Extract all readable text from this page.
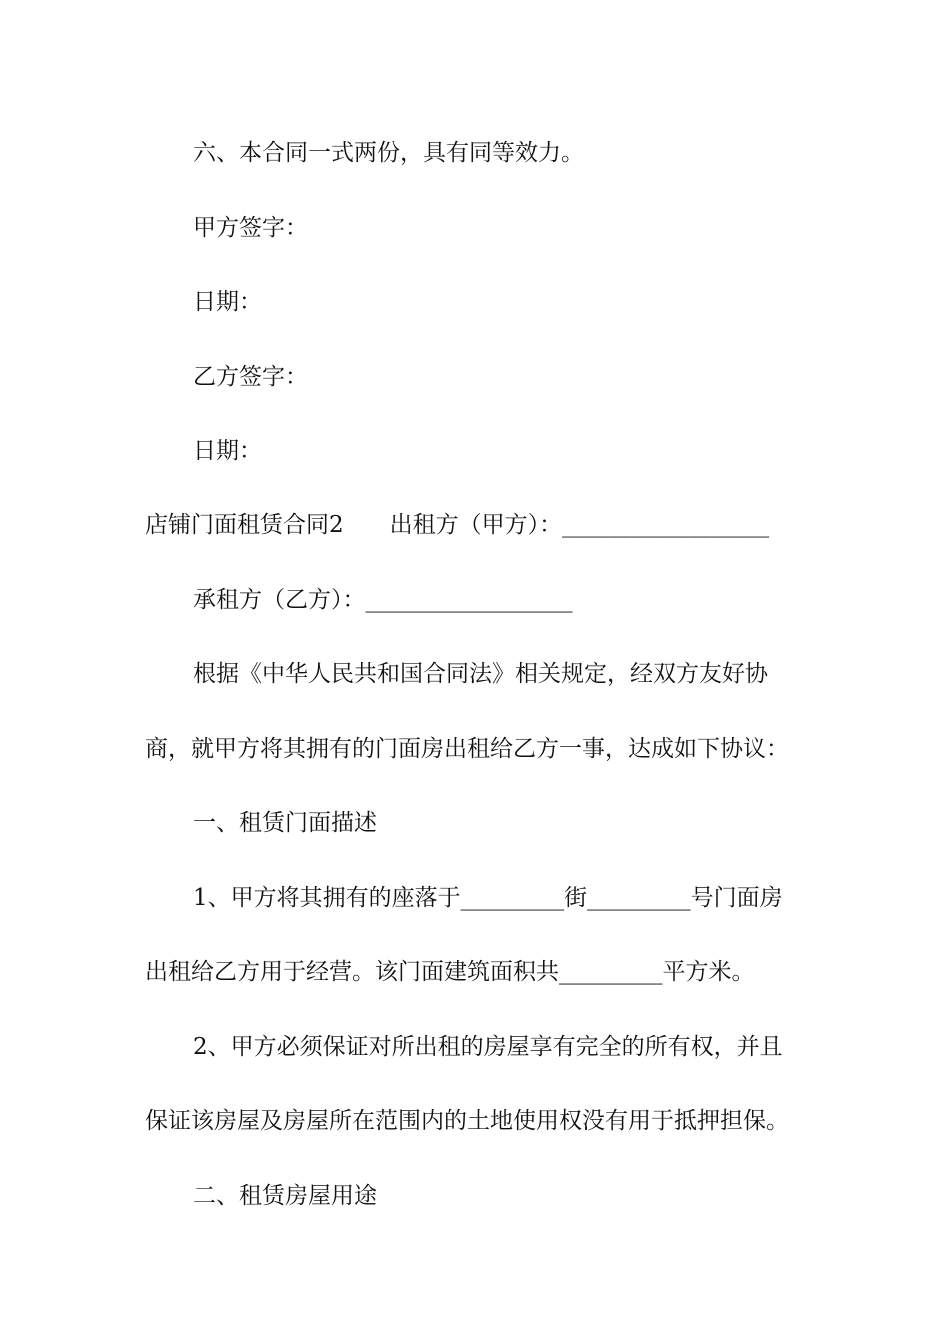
六、本合同一式两份，具有同等效力。
甲方签字：
日期：
乙方签字：
日期：
店铺门面租赁合同2　　出租方（甲方）：__________________
承租方（乙方）：__________________
根据《中华人民共和国合同法》相关规定，经双方友好协
商，就甲方将其拥有的门面房出租给乙方一事，达成如下协议：
一、租赁门面描述
1、甲方将其拥有的座落于_________街_________号门面房
出租给乙方用于经营。该门面建筑面积共_________平方米。
2、甲方必须保证对所出租的房屋享有完全的所有权，并且
保证该房屋及房屋所在范围内的土地使用权没有用于抵押担保。
二、租赁房屋用途
